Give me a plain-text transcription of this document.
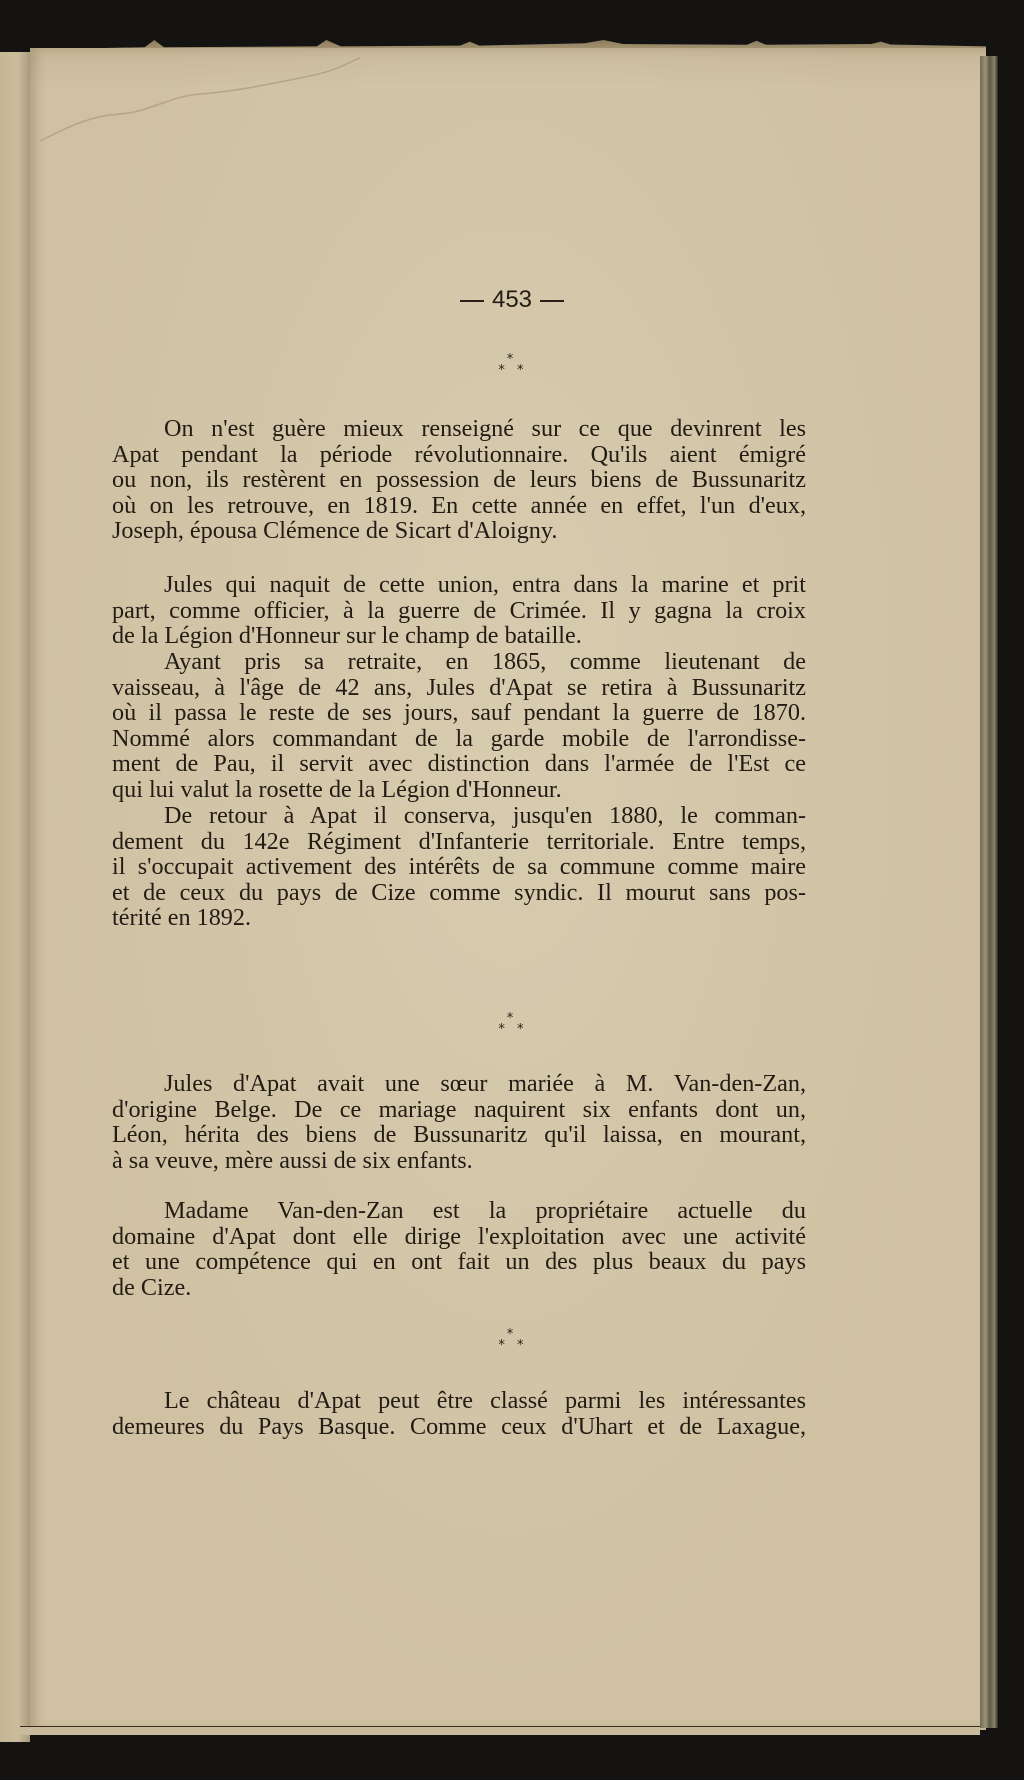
453
*
* *
On n'est guère mieux renseigné sur ce que devinrent les
Apat pendant la période révolutionnaire. Qu'ils aient émigré
ou non, ils restèrent en possession de leurs biens de Bussunaritz
où on les retrouve, en 1819. En cette année en effet, l'un d'eux,
Joseph, épousa Clémence de Sicart d'Aloigny.
Jules qui naquit de cette union, entra dans la marine et prit
part, comme officier, à la guerre de Crimée. Il y gagna la croix
de la Légion d'Honneur sur le champ de bataille.
Ayant pris sa retraite, en 1865, comme lieutenant de
vaisseau, à l'âge de 42 ans, Jules d'Apat se retira à Bussunaritz
où il passa le reste de ses jours, sauf pendant la guerre de 1870.
Nommé alors commandant de la garde mobile de l'arrondisse-
ment de Pau, il servit avec distinction dans l'armée de l'Est ce
qui lui valut la rosette de la Légion d'Honneur.
De retour à Apat il conserva, jusqu'en 1880, le comman-
dement du 142e Régiment d'Infanterie territoriale. Entre temps,
il s'occupait activement des intérêts de sa commune comme maire
et de ceux du pays de Cize comme syndic. Il mourut sans pos-
térité en 1892.
*
* *
Jules d'Apat avait une sœur mariée à M. Van-den-Zan,
d'origine Belge. De ce mariage naquirent six enfants dont un,
Léon, hérita des biens de Bussunaritz qu'il laissa, en mourant,
à sa veuve, mère aussi de six enfants.
Madame Van-den-Zan est la propriétaire actuelle du
domaine d'Apat dont elle dirige l'exploitation avec une activité
et une compétence qui en ont fait un des plus beaux du pays
de Cize.
*
* *
Le château d'Apat peut être classé parmi les intéressantes
demeures du Pays Basque. Comme ceux d'Uhart et de Laxague,
